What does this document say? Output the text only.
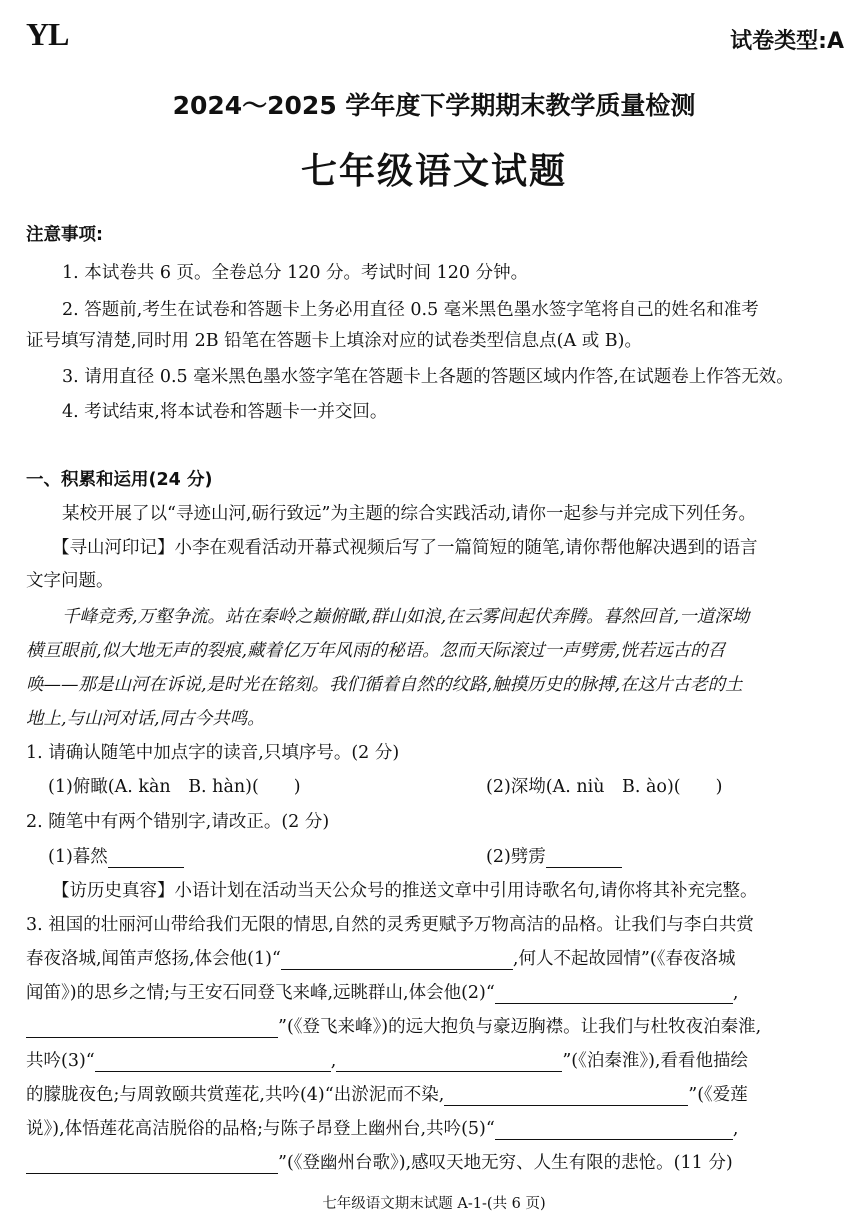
YL	试卷类型:A
2024～2025 学年度下学期期末教学质量检测
七年级语文试题
注意事项:
1. 本试卷共 6 页。全卷总分 120 分。考试时间 120 分钟。
2. 答题前,考生在试卷和答题卡上务必用直径 0.5 毫米黑色墨水签字笔将自己的姓名和准考
证号填写清楚,同时用 2B 铅笔在答题卡上填涂对应的试卷类型信息点(A 或 B)。
3. 请用直径 0.5 毫米黑色墨水签字笔在答题卡上各题的答题区域内作答,在试题卷上作答无效。
4. 考试结束,将本试卷和答题卡一并交回。
一、积累和运用(24 分)
某校开展了以“寻迹山河,砺行致远”为主题的综合实践活动,请你一起参与并完成下列任务。
【寻山河印记】小李在观看活动开幕式视频后写了一篇简短的随笔,请你帮他解决遇到的语言
文字问题。
千峰竞秀,万壑争流。站在秦岭之巅俯瞰,群山如浪,在云雾间起伏奔腾。暮然回首,一道深坳
横亘眼前,似大地无声的裂痕,藏着亿万年风雨的秘语。忽而天际滚过一声劈雳,恍若远古的召
唤——那是山河在诉说,是时光在铭刻。我们循着自然的纹路,触摸历史的脉搏,在这片古老的土
地上,与山河对话,同古今共鸣。
1. 请确认随笔中加点字的读音,只填序号。(2 分)
(1)俯瞰(A. kàn　B. hàn)(　　)	(2)深坳(A. niù　B. ào)(　　)
2. 随笔中有两个错别字,请改正。(2 分)
(1)暮然	(2)劈雳
【访历史真容】小语计划在活动当天公众号的推送文章中引用诗歌名句,请你将其补充完整。
3. 祖国的壮丽河山带给我们无限的情思,自然的灵秀更赋予万物高洁的品格。让我们与李白共赏
春夜洛城,闻笛声悠扬,体会他(1)“	,何人不起故园情”(《春夜洛城
闻笛》)的思乡之情;与王安石同登飞来峰,远眺群山,体会他(2)“	,
”(《登飞来峰》)的远大抱负与豪迈胸襟。让我们与杜牧夜泊秦淮,
共吟(3)“	,	”(《泊秦淮》),看看他描绘
的朦胧夜色;与周敦颐共赏莲花,共吟(4)“出淤泥而不染,	”(《爱莲
说》),体悟莲花高洁脱俗的品格;与陈子昂登上幽州台,共吟(5)“	,
”(《登幽州台歌》),感叹天地无穷、人生有限的悲怆。(11 分)
七年级语文期末试题 A-1-(共 6 页)
